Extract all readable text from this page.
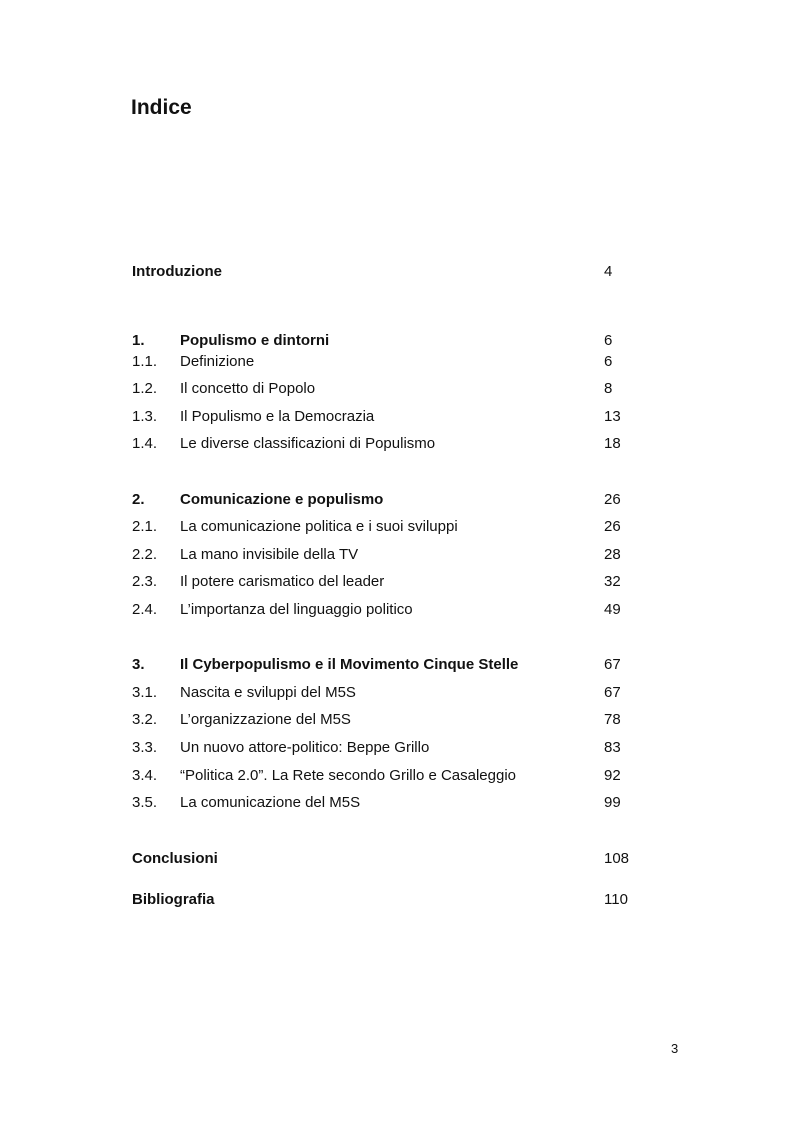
Indice
Introduzione	4
1. Populismo e dintorni	6
1.1. Definizione	6
1.2. Il concetto di Popolo	8
1.3. Il Populismo e la Democrazia	13
1.4. Le diverse classificazioni di Populismo	18
2. Comunicazione e populismo	26
2.1. La comunicazione politica e i suoi sviluppi	26
2.2. La mano invisibile della TV	28
2.3. Il potere carismatico del leader	32
2.4. L’importanza del linguaggio politico	49
3. Il Cyberpopulismo e il Movimento Cinque Stelle	67
3.1. Nascita e sviluppi del M5S	67
3.2. L’organizzazione del M5S	78
3.3. Un nuovo attore-politico: Beppe Grillo	83
3.4. “Politica 2.0”. La Rete secondo Grillo e Casaleggio	92
3.5. La comunicazione del M5S	99
Conclusioni	108
Bibliografia	110
3
